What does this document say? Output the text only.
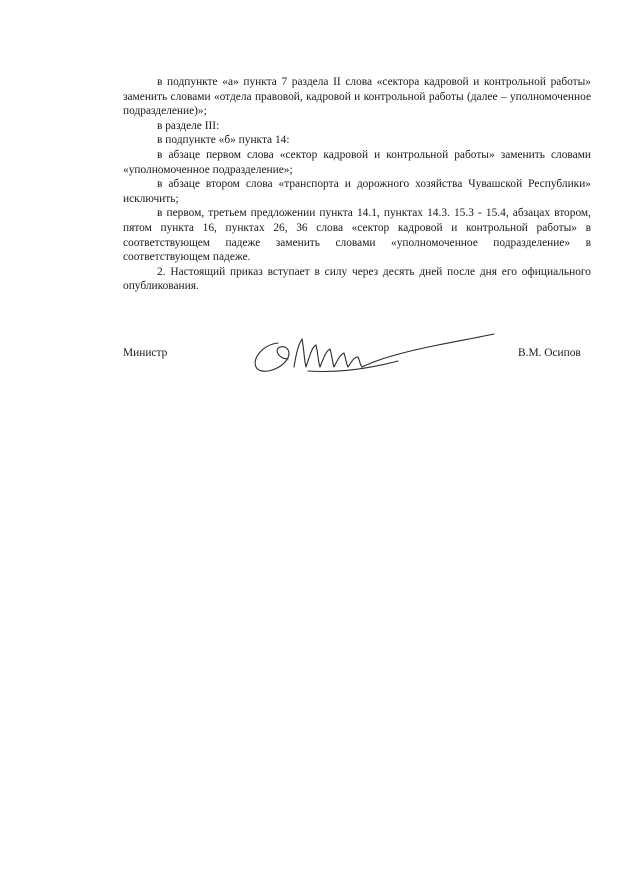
в подпункте «а» пункта 7 раздела II слова «сектора кадровой и контрольной работы» заменить словами «отдела правовой, кадровой и контрольной работы (далее – уполномоченное подразделение)»;

в разделе III:

в подпункте «б» пункта 14:

в абзаце первом слова «сектор кадровой и контрольной работы» заменить словами «уполномоченное подразделение»;

в абзаце втором слова «транспорта и дорожного хозяйства Чувашской Республики» исключить;

в первом, третьем предложении пункта 14.1, пунктах 14.3. 15.3 - 15.4, абзацах втором, пятом пункта 16, пунктах 26, 36 слова «сектор кадровой и контрольной работы» в соответствующем падеже заменить словами «уполномоченное подразделение» в соответствующем падеже.

2. Настоящий приказ вступает в силу через десять дней после дня его официального опубликования.

Министр	В.М. Осипов
